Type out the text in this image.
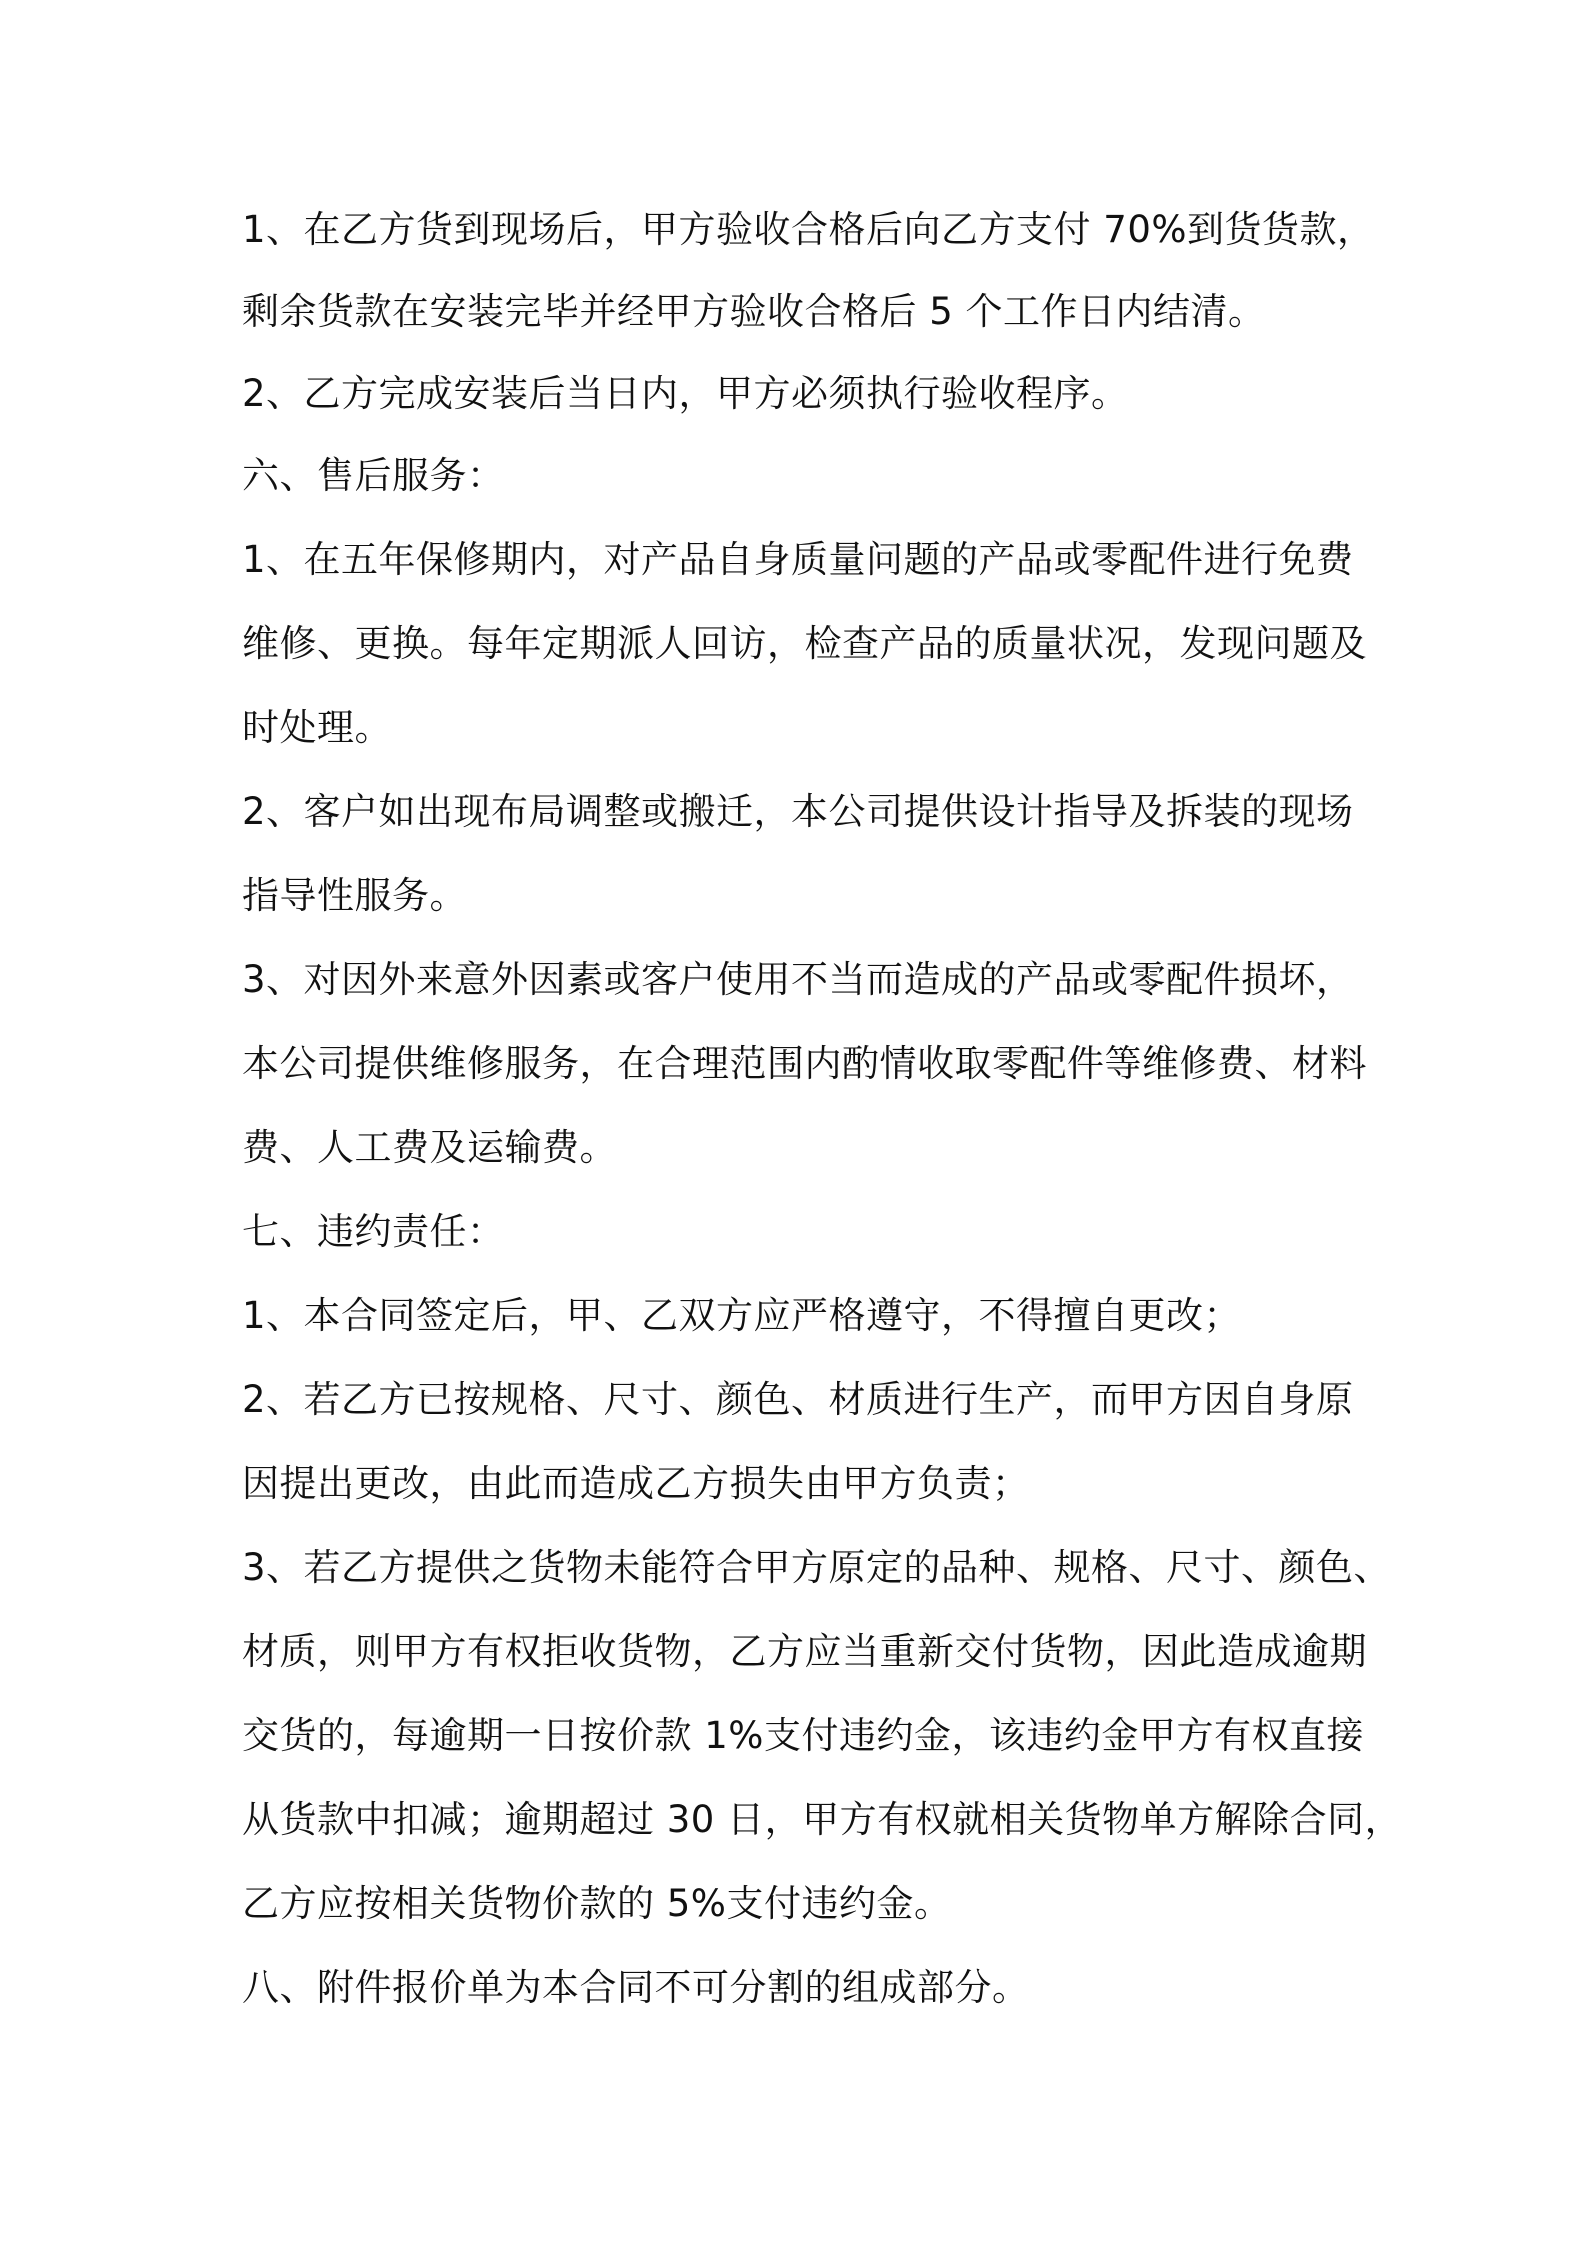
1、在乙方货到现场后，甲方验收合格后向乙方支付 70%到货货款，
剩余货款在安装完毕并经甲方验收合格后 5 个工作日内结清。
2、乙方完成安装后当日内，甲方必须执行验收程序。
六、售后服务：
1、在五年保修期内，对产品自身质量问题的产品或零配件进行免费
维修、更换。每年定期派人回访，检查产品的质量状况，发现问题及
时处理。
2、客户如出现布局调整或搬迁，本公司提供设计指导及拆装的现场
指导性服务。
3、对因外来意外因素或客户使用不当而造成的产品或零配件损坏，
本公司提供维修服务，在合理范围内酌情收取零配件等维修费、材料
费、人工费及运输费。
七、违约责任：
1、本合同签定后，甲、乙双方应严格遵守，不得擅自更改；
2、若乙方已按规格、尺寸、颜色、材质进行生产，而甲方因自身原
因提出更改，由此而造成乙方损失由甲方负责；
3、若乙方提供之货物未能符合甲方原定的品种、规格、尺寸、颜色、
材质，则甲方有权拒收货物，乙方应当重新交付货物，因此造成逾期
交货的，每逾期一日按价款 1%支付违约金，该违约金甲方有权直接
从货款中扣减；逾期超过 30 日，甲方有权就相关货物单方解除合同，
乙方应按相关货物价款的 5%支付违约金。
八、附件报价单为本合同不可分割的组成部分。
